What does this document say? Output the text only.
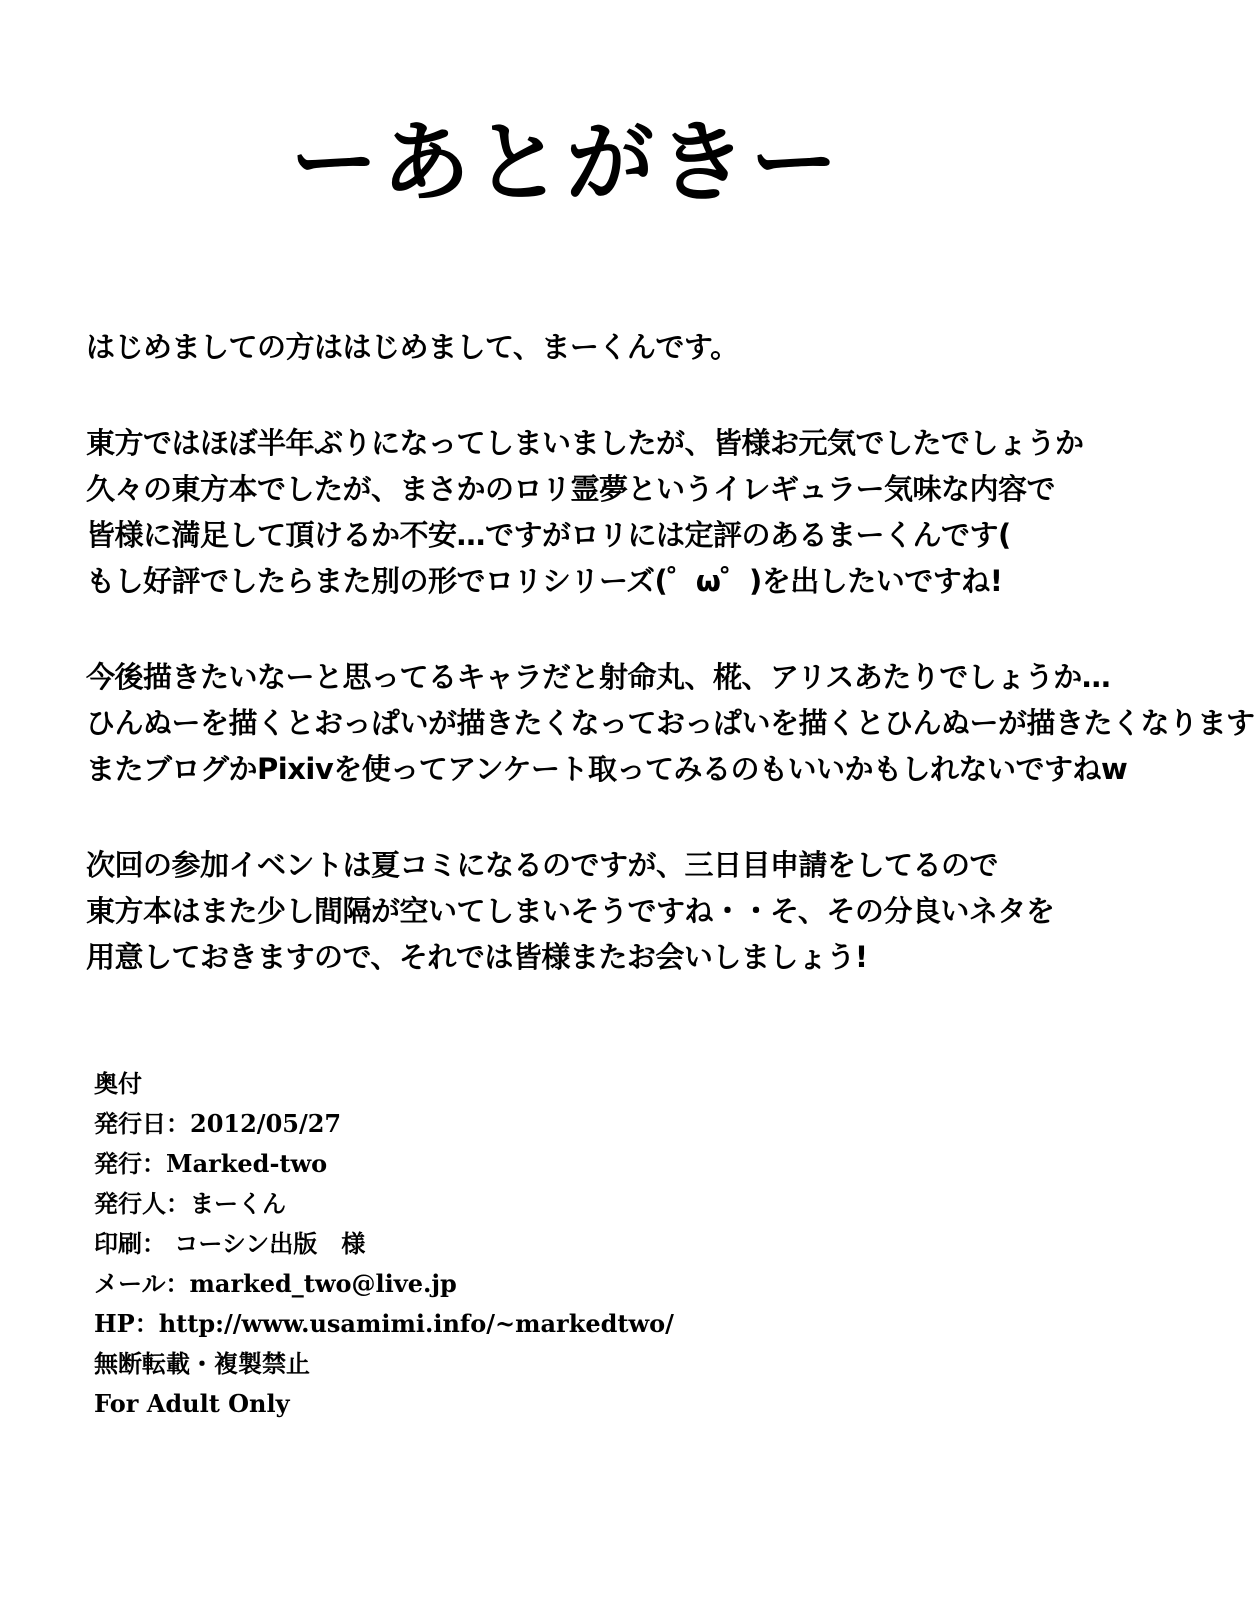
ーあとがきー
はじめましての方ははじめまして、まーくんです。
東方ではほぼ半年ぶりになってしまいましたが、皆様お元気でしたでしょうか
久々の東方本でしたが、まさかのロリ霊夢というイレギュラー気味な内容で
皆様に満足して頂けるか不安…ですがロリには定評のあるまーくんです(
もし好評でしたらまた別の形でロリシリーズ(゜ω゜)を出したいですね!
今後描きたいなーと思ってるキャラだと射命丸、椛、アリスあたりでしょうか…
ひんぬーを描くとおっぱいが描きたくなっておっぱいを描くとひんぬーが描きたくなります
またブログかPixivを使ってアンケート取ってみるのもいいかもしれないですねw
次回の参加イベントは夏コミになるのですが、三日目申請をしてるので
東方本はまた少し間隔が空いてしまいそうですね・・そ、その分良いネタを
用意しておきますので、それでは皆様またお会いしましょう!
奥付
発行日：2012/05/27
発行：Marked-two
発行人：まーくん
印刷： コーシン出版　様
メール：marked_two@live.jp
HP：http://www.usamimi.info/~markedtwo/
無断転載・複製禁止
For Adult Only
